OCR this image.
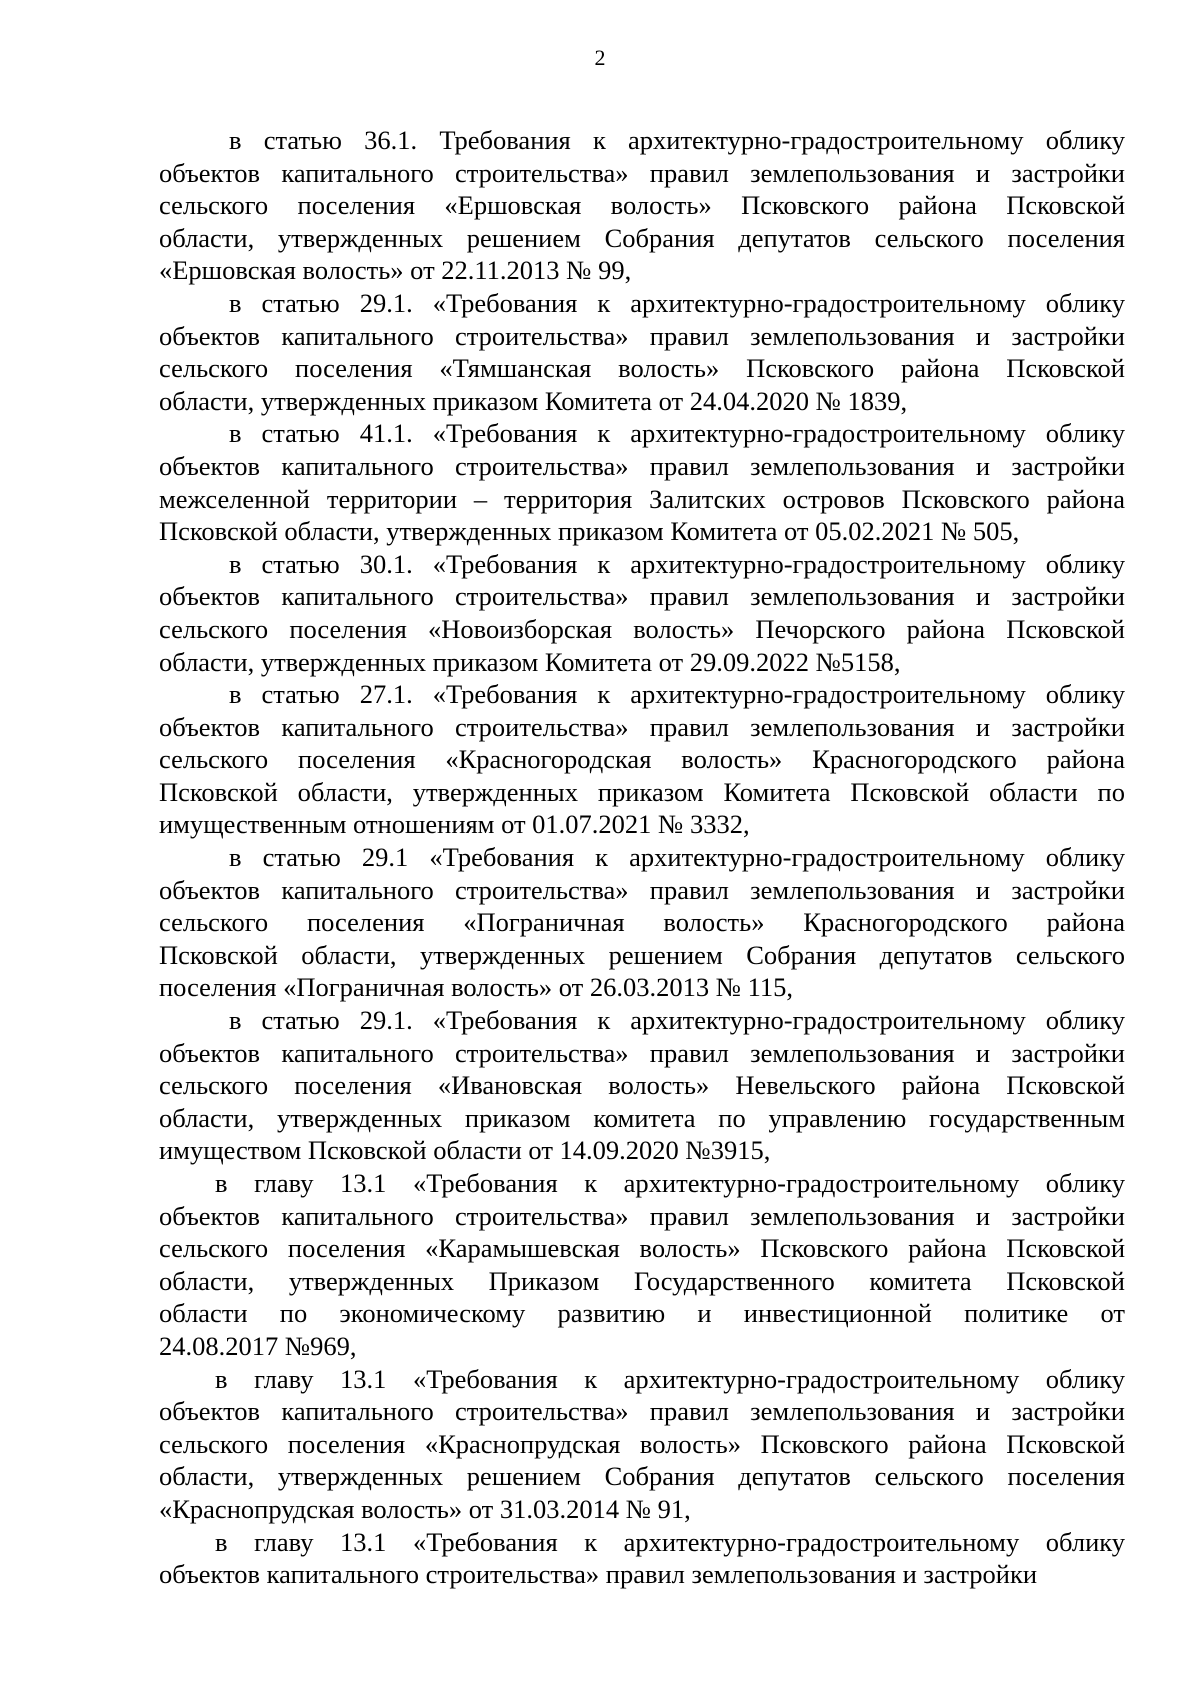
2
в статью 36.1. Требования к архитектурно-градостроительному облику
объектов капитального строительства» правил землепользования и застройки
сельского поселения «Ершовская волость» Псковского района Псковской
области, утвержденных решением Собрания депутатов сельского поселения
«Ершовская волость» от 22.11.2013 № 99,
в статью 29.1. «Требования к архитектурно-градостроительному облику
объектов капитального строительства» правил землепользования и застройки
сельского поселения «Тямшанская волость» Псковского района Псковской
области, утвержденных приказом Комитета от 24.04.2020 № 1839,
в статью 41.1. «Требования к архитектурно-градостроительному облику
объектов капитального строительства» правил землепользования и застройки
межселенной территории – территория Залитских островов Псковского района
Псковской области, утвержденных приказом Комитета от 05.02.2021 № 505,
в статью 30.1. «Требования к архитектурно-градостроительному облику
объектов капитального строительства» правил землепользования и застройки
сельского поселения «Новоизборская волость» Печорского района Псковской
области, утвержденных приказом Комитета от 29.09.2022 №5158,
в статью 27.1. «Требования к архитектурно-градостроительному облику
объектов капитального строительства» правил землепользования и застройки
сельского поселения «Красногородская волость» Красногородского района
Псковской области, утвержденных приказом Комитета Псковской области по
имущественным отношениям от 01.07.2021 № 3332,
в статью 29.1 «Требования к архитектурно-градостроительному облику
объектов капитального строительства» правил землепользования и застройки
сельского поселения «Пограничная волость» Красногородского района
Псковской области, утвержденных решением Собрания депутатов сельского
поселения «Пограничная волость» от 26.03.2013 № 115,
в статью 29.1. «Требования к архитектурно-градостроительному облику
объектов капитального строительства» правил землепользования и застройки
сельского поселения «Ивановская волость» Невельского района Псковской
области, утвержденных приказом комитета по управлению государственным
имуществом Псковской области от 14.09.2020 №3915,
в главу 13.1 «Требования к архитектурно-градостроительному облику
объектов капитального строительства» правил землепользования и застройки
сельского поселения «Карамышевская волость» Псковского района Псковской
области, утвержденных Приказом Государственного комитета Псковской
области по экономическому развитию и инвестиционной политике от
24.08.2017 №969,
в главу 13.1 «Требования к архитектурно-градостроительному облику
объектов капитального строительства» правил землепользования и застройки
сельского поселения «Краснопрудская волость» Псковского района Псковской
области, утвержденных решением Собрания депутатов сельского поселения
«Краснопрудская волость» от 31.03.2014 № 91,
в главу 13.1 «Требования к архитектурно-градостроительному облику
объектов капитального строительства» правил землепользования и застройки
